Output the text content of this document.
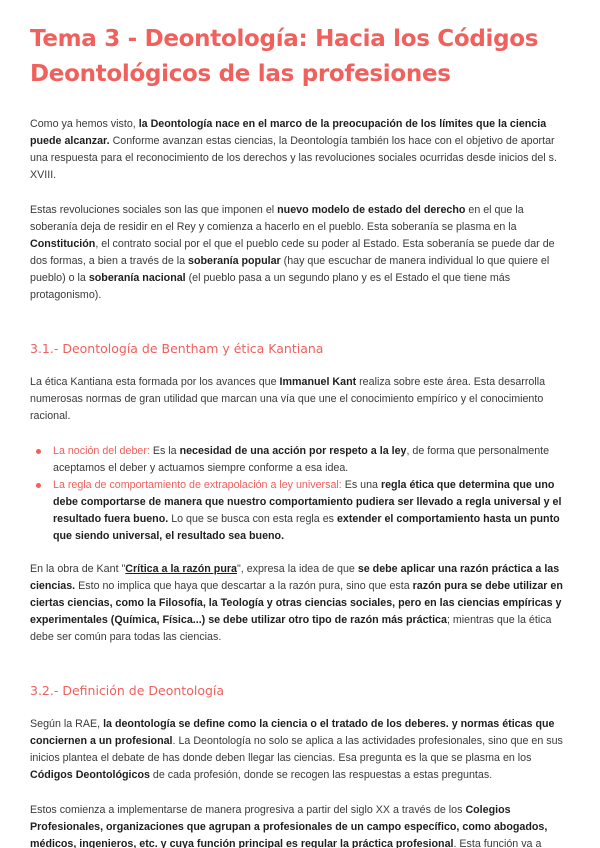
Tema 3 - Deontología: Hacia los Códigos Deontológicos de las profesiones

Como ya hemos visto, la Deontología nace en el marco de la preocupación de los límites que la ciencia puede alcanzar. Conforme avanzan estas ciencias, la Deontología también los hace con el objetivo de aportar una respuesta para el reconocimiento de los derechos y las revoluciones sociales ocurridas desde inicios del s. XVIII.

Estas revoluciones sociales son las que imponen el nuevo modelo de estado del derecho en el que la soberanía deja de residir en el Rey y comienza a hacerlo en el pueblo. Esta soberanía se plasma en la Constitución, el contrato social por el que el pueblo cede su poder al Estado. Esta soberanía se puede dar de dos formas, a bien a través de la soberanía popular (hay que escuchar de manera individual lo que quiere el pueblo) o la soberanía nacional (el pueblo pasa a un segundo plano y es el Estado el que tiene más protagonismo).

3.1.- Deontología de Bentham y ética Kantiana

La ética Kantiana esta formada por los avances que Immanuel Kant realiza sobre este área. Esta desarrolla numerosas normas de gran utilidad que marcan una vía que une el conocimiento empírico y el conocimiento racional.

La noción del deber: Es la necesidad de una acción por respeto a la ley, de forma que personalmente aceptamos el deber y actuamos siempre conforme a esa idea.
La regla de comportamiento de extrapolación a ley universal: Es una regla ética que determina que uno debe comportarse de manera que nuestro comportamiento pudiera ser llevado a regla universal y el resultado fuera bueno. Lo que se busca con esta regla es extender el comportamiento hasta un punto que siendo universal, el resultado sea bueno.

En la obra de Kant "Crítica a la razón pura", expresa la idea de que se debe aplicar una razón práctica a las ciencias. Esto no implica que haya que descartar a la razón pura, sino que esta razón pura se debe utilizar en ciertas ciencias, como la Filosofía, la Teología y otras ciencias sociales, pero en las ciencias empíricas y experimentales (Química, Física...) se debe utilizar otro tipo de razón más práctica; mientras que la ética debe ser común para todas las ciencias.

3.2.- Definición de Deontología

Según la RAE, la deontología se define como la ciencia o el tratado de los deberes. y normas éticas que conciernen a un profesional. La Deontología no solo se aplica a las actividades profesionales, sino que en sus inicios plantea el debate de has donde deben llegar las ciencias. Esa pregunta es la que se plasma en los Códigos Deontológicos de cada profesión, donde se recogen las respuestas a estas preguntas.

Estos comienza a implementarse de manera progresiva a partir del siglo XX a través de los Colegios Profesionales, organizaciones que agrupan a profesionales de un campo específico, como abogados, médicos, ingenieros, etc. y cuya función principal es regular la práctica profesional. Esta función va a
